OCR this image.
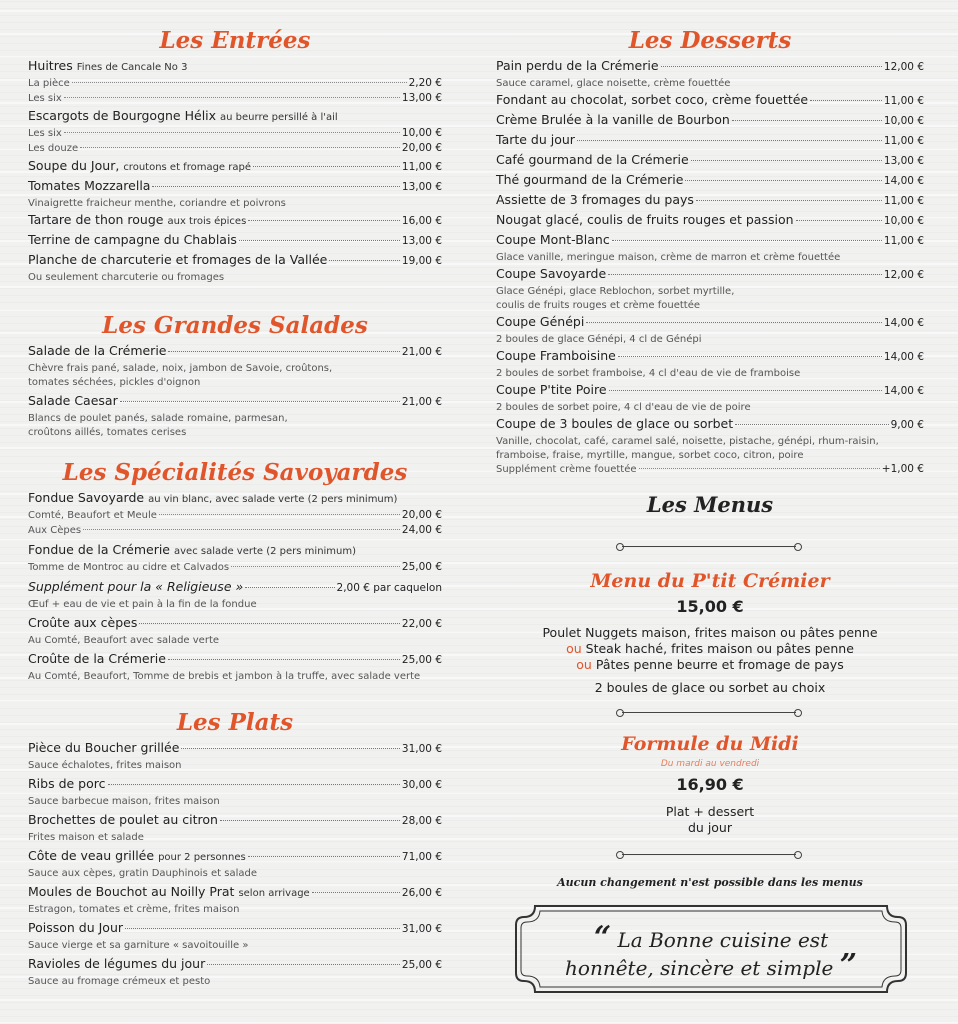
Les Entrées
Huitres Fines de Cancale No 3
La pièce	2,20 €
Les six	13,00 €
Escargots de Bourgogne Hélix au beurre persillé à l'ail
Les six	10,00 €
Les douze	20,00 €
Soupe du Jour, croutons et fromage rapé	11,00 €
Tomates Mozzarella	13,00 €
Vinaigrette fraicheur menthe, coriandre et poivrons
Tartare de thon rouge aux trois épices	16,00 €
Terrine de campagne du Chablais	13,00 €
Planche de charcuterie et fromages de la Vallée	19,00 €
Ou seulement charcuterie ou fromages
Les Grandes Salades
Salade de la Crémerie	21,00 €
Chèvre frais pané, salade, noix, jambon de Savoie, croûtons,
tomates séchées, pickles d'oignon
Salade Caesar	21,00 €
Blancs de poulet panés, salade romaine, parmesan,
croûtons aillés, tomates cerises
Les Spécialités Savoyardes
Fondue Savoyarde au vin blanc, avec salade verte (2 pers minimum)
Comté, Beaufort et Meule	20,00 €
Aux Cèpes	24,00 €
Fondue de la Crémerie avec salade verte (2 pers minimum)
Tomme de Montroc au cidre et Calvados	25,00 €
Supplément pour la « Religieuse »	2,00 € par caquelon
Œuf + eau de vie et pain à la fin de la fondue
Croûte aux cèpes	22,00 €
Au Comté, Beaufort avec salade verte
Croûte de la Crémerie	25,00 €
Au Comté, Beaufort, Tomme de brebis et jambon à la truffe, avec salade verte
Les Plats
Pièce du Boucher grillée	31,00 €
Sauce échalotes, frites maison
Ribs de porc	30,00 €
Sauce barbecue maison, frites maison
Brochettes de poulet au citron	28,00 €
Frites maison et salade
Côte de veau grillée pour 2 personnes	71,00 €
Sauce aux cèpes, gratin Dauphinois et salade
Moules de Bouchot au Noilly Prat selon arrivage	26,00 €
Estragon, tomates et crème, frites maison
Poisson du Jour	31,00 €
Sauce vierge et sa garniture « savoitouille »
Ravioles de légumes du jour	25,00 €
Sauce au fromage crémeux et pesto
Les Desserts
Pain perdu de la Crémerie	12,00 €
Sauce caramel, glace noisette, crème fouettée
Fondant au chocolat, sorbet coco, crème fouettée	11,00 €
Crème Brulée à la vanille de Bourbon	10,00 €
Tarte du jour	11,00 €
Café gourmand de la Crémerie	13,00 €
Thé gourmand de la Crémerie	14,00 €
Assiette de 3 fromages du pays	11,00 €
Nougat glacé, coulis de fruits rouges et passion	10,00 €
Coupe Mont-Blanc	11,00 €
Glace vanille, meringue maison, crème de marron et crème fouettée
Coupe Savoyarde	12,00 €
Glace Génépi, glace Reblochon, sorbet myrtille,
coulis de fruits rouges et crème fouettée
Coupe Génépi	14,00 €
2 boules de glace Génépi, 4 cl de Génépi
Coupe Framboisine	14,00 €
2 boules de sorbet framboise, 4 cl d'eau de vie de framboise
Coupe P'tite Poire	14,00 €
2 boules de sorbet poire, 4 cl d'eau de vie de poire
Coupe de 3 boules de glace ou sorbet	9,00 €
Vanille, chocolat, café, caramel salé, noisette, pistache, génépi, rhum-raisin,
framboise, fraise, myrtille, mangue, sorbet coco, citron, poire
Supplément crème fouettée	+1,00 €
Les Menus
Menu du P'tit Crémier
15,00 €
Poulet Nuggets maison, frites maison ou pâtes penne
ou Steak haché, frites maison ou pâtes penne
ou Pâtes penne beurre et fromage de pays
2 boules de glace ou sorbet au choix
Formule du Midi
Du mardi au vendredi
16,90 €
Plat + dessert
du jour
Aucun changement n'est possible dans les menus
“ La Bonne cuisine est
honnête, sincère et simple ”
